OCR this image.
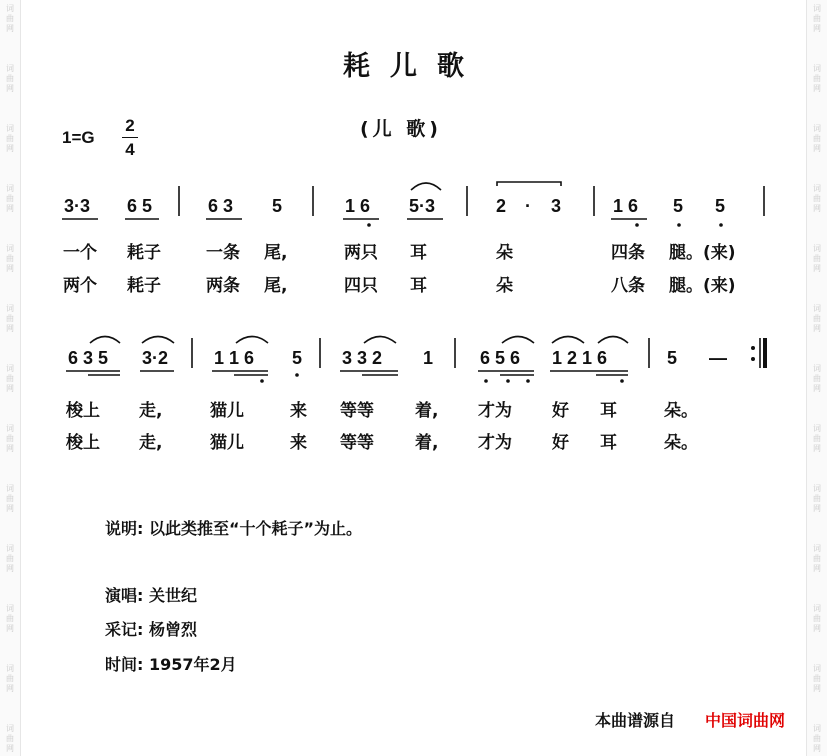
词
曲
网
词
曲
网
词
曲
网
词
曲
网
词
曲
网
词
曲
网
词
曲
网
词
曲
网
词
曲
网
词
曲
网
词
曲
网
词
曲
网
词
曲
网
词
曲
网
词
曲
网
词
曲
网
词
曲
网
词
曲
网
词
曲
网
词
曲
网
词
曲
网
词
曲
网
词
曲
网
词
曲
网
词
曲
网
词
曲
网
耗儿歌
(儿 歌)
1=G
2
4
3·3 6 5	6 3 5	1 6 5·3	2 · 3	1 6 5 5
6 3 5 3·2	1 1 6 5 3 3 2 1	6 5 6 1 2 1 6	5 —
一个 耗子	一条 尾,	两只 耳	朵	四条 腿。(来)
两个 耗子	两条 尾,	四只 耳	朵	八条 腿。(来)
梭上 走,	猫儿	来 等等 着, 才为 好 耳	朵。
梭上 走,	猫儿	来 等等 着, 才为 好 耳	朵。
说明: 以此类推至“十个耗子”为止。
演唱: 关世纪
采记: 杨曾烈
时间: 1957年2月
本曲谱源自 中国词曲网
